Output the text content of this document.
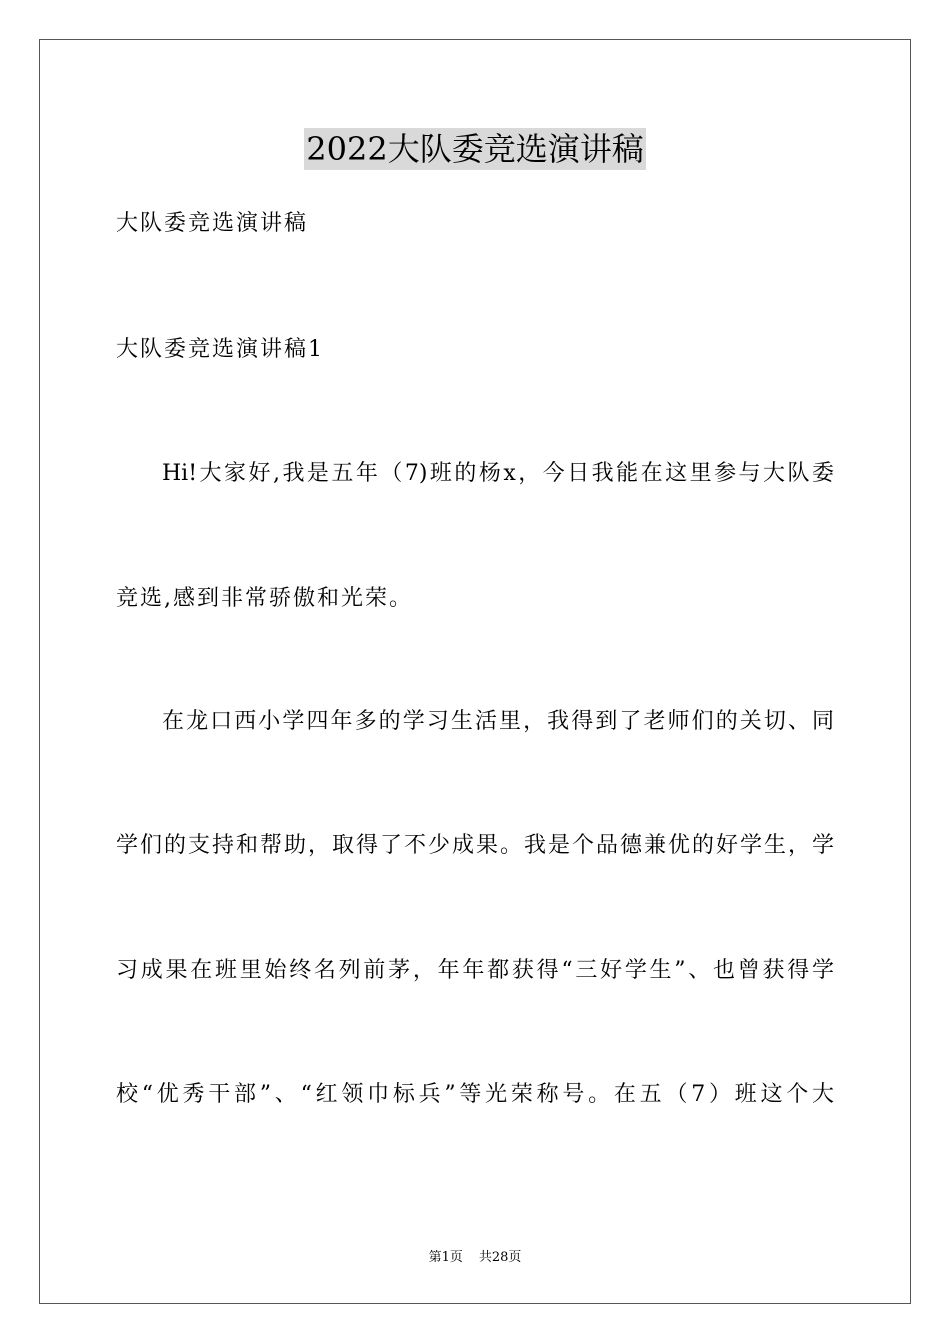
2022大队委竞选演讲稿
大队委竞选演讲稿
大队委竞选演讲稿1
Hi!大家好,我是五年（7)班的杨x，今日我能在这里参与大队委
竞选,感到非常骄傲和光荣。
在龙口西小学四年多的学习生活里，我得到了老师们的关切、同
学们的支持和帮助，取得了不少成果。我是个品德兼优的好学生，学
习成果在班里始终名列前茅，年年都获得“三好学生”、也曾获得学
校“优秀干部”、“红领巾标兵”等光荣称号。在五（7）班这个大
第1页 共28页
